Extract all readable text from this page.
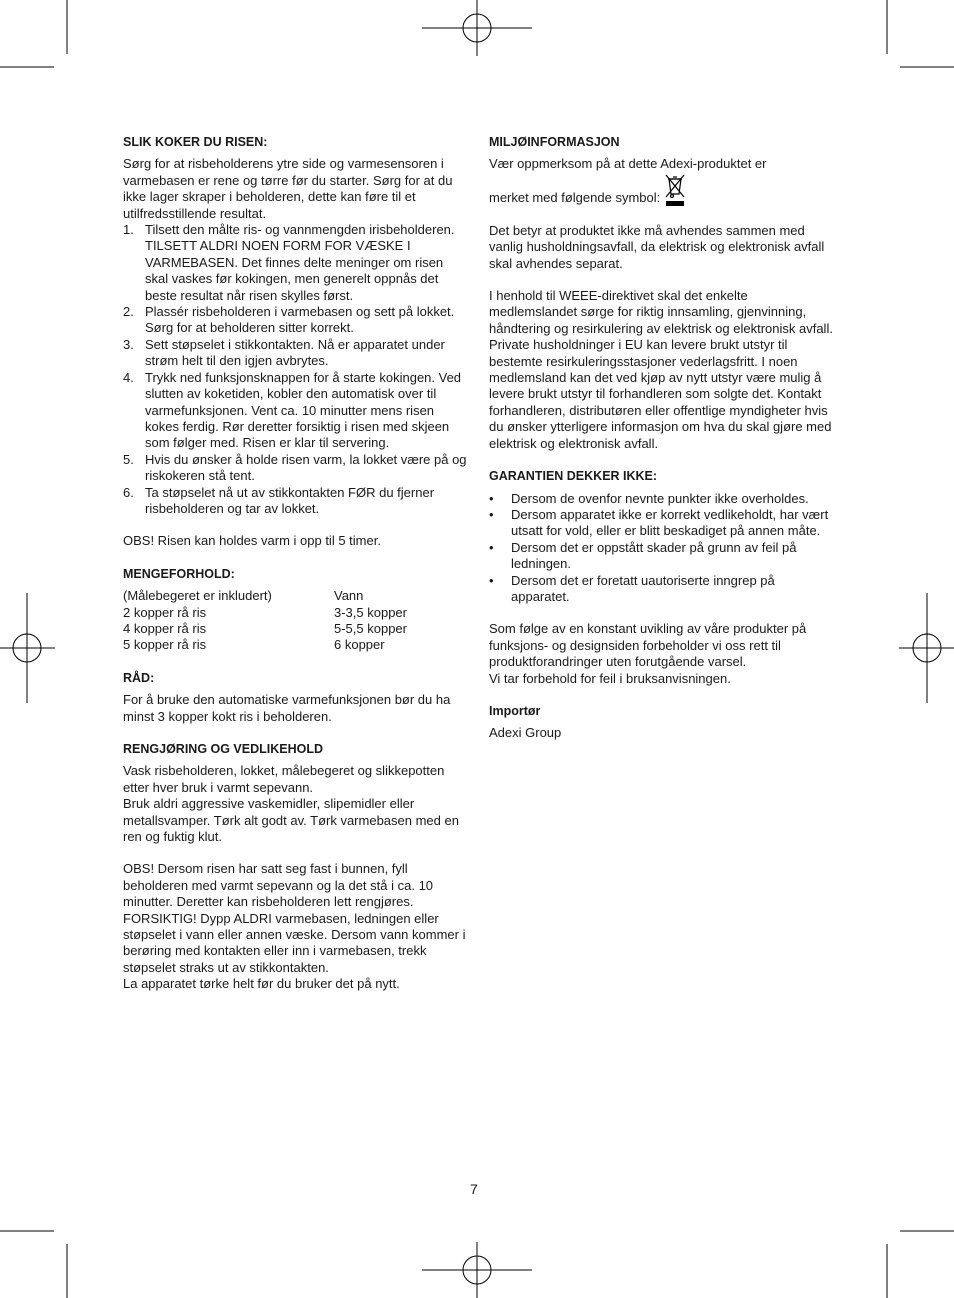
SLIK KOKER DU RISEN:

Sørg for at risbeholderens ytre side og varmesensoren i varmebasen er rene og tørre før du starter. Sørg for at du ikke lager skraper i beholderen, dette kan føre til et utilfredsstillende resultat.

1. Tilsett den målte ris- og vannmengden irisbeholderen. TILSETT ALDRI NOEN FORM FOR VÆSKE I VARMEBASEN. Det finnes delte meninger om risen skal vaskes før kokingen, men generelt oppnås det beste resultat når risen skylles først.
2. Plassér risbeholderen i varmebasen og sett på lokket. Sørg for at beholderen sitter korrekt.
3. Sett støpselet i stikkontakten. Nå er apparatet under strøm helt til den igjen avbrytes.
4. Trykk ned funksjonsknappen for å starte kokingen. Ved slutten av koketiden, kobler den automatisk over til varmefunksjonen. Vent ca. 10 minutter mens risen kokes ferdig. Rør deretter forsiktig i risen med skjeen som følger med. Risen er klar til servering.
5. Hvis du ønsker å holde risen varm, la lokket være på og riskokeren stå tent.
6. Ta støpselet nå ut av stikkontakten FØR du fjerner risbeholderen og tar av lokket.

OBS! Risen kan holdes varm i opp til 5 timer.

MENGEFORHOLD:
(Målebegeret er inkludert)	Vann
2 kopper rå ris	3-3,5 kopper
4 kopper rå ris	5-5,5 kopper
5 kopper rå ris	6 kopper
RÅD:

For å bruke den automatiske varmefunksjonen bør du ha minst 3 kopper kokt ris i beholderen.

RENGJØRING OG VEDLIKEHOLD

Vask risbeholderen, lokket, målebegeret og slikkepotten etter hver bruk i varmt sepevann.

Bruk aldri aggressive vaskemidler, slipemidler eller metallsvamper. Tørk alt godt av. Tørk varmebasen med en ren og fuktig klut.

OBS! Dersom risen har satt seg fast i bunnen, fyll beholderen med varmt sepevann og la det stå i ca. 10 minutter. Deretter kan risbeholderen lett rengjøres.

FORSIKTIG! Dypp ALDRI varmebasen, ledningen eller støpselet i vann eller annen væske. Dersom vann kommer i berøring med kontakten eller inn i varmebasen, trekk støpselet straks ut av stikkontakten.

La apparatet tørke helt før du bruker det på nytt.

MILJØINFORMASJON

Vær oppmerksom på at dette Adexi-produktet er

merket med følgende symbol:

Det betyr at produktet ikke må avhendes sammen med vanlig husholdningsavfall, da elektrisk og elektronisk avfall skal avhendes separat.

I henhold til WEEE-direktivet skal det enkelte medlemslandet sørge for riktig innsamling, gjenvinning, håndtering og resirkulering av elektrisk og elektronisk avfall. Private husholdninger i EU kan levere brukt utstyr til bestemte resirkuleringsstasjoner vederlagsfritt. I noen medlemsland kan det ved kjøp av nytt utstyr være mulig å levere brukt utstyr til forhandleren som solgte det. Kontakt forhandleren, distributøren eller offentlige myndigheter hvis du ønsker ytterligere informasjon om hva du skal gjøre med elektrisk og elektronisk avfall.

GARANTIEN DEKKER IKKE:
• Dersom de ovenfor nevnte punkter ikke overholdes.
• Dersom apparatet ikke er korrekt vedlikeholdt, har vært utsatt for vold, eller er blitt beskadiget på annen måte.
• Dersom det er oppstått skader på grunn av feil på ledningen.
• Dersom det er foretatt uautoriserte inngrep på apparatet.

Som følge av en konstant uvikling av våre produkter på funksjons- og designsiden forbeholder vi oss rett til produktforandringer uten forutgående varsel.

Vi tar forbehold for feil i bruksanvisningen.

Importør

Adexi Group

7
